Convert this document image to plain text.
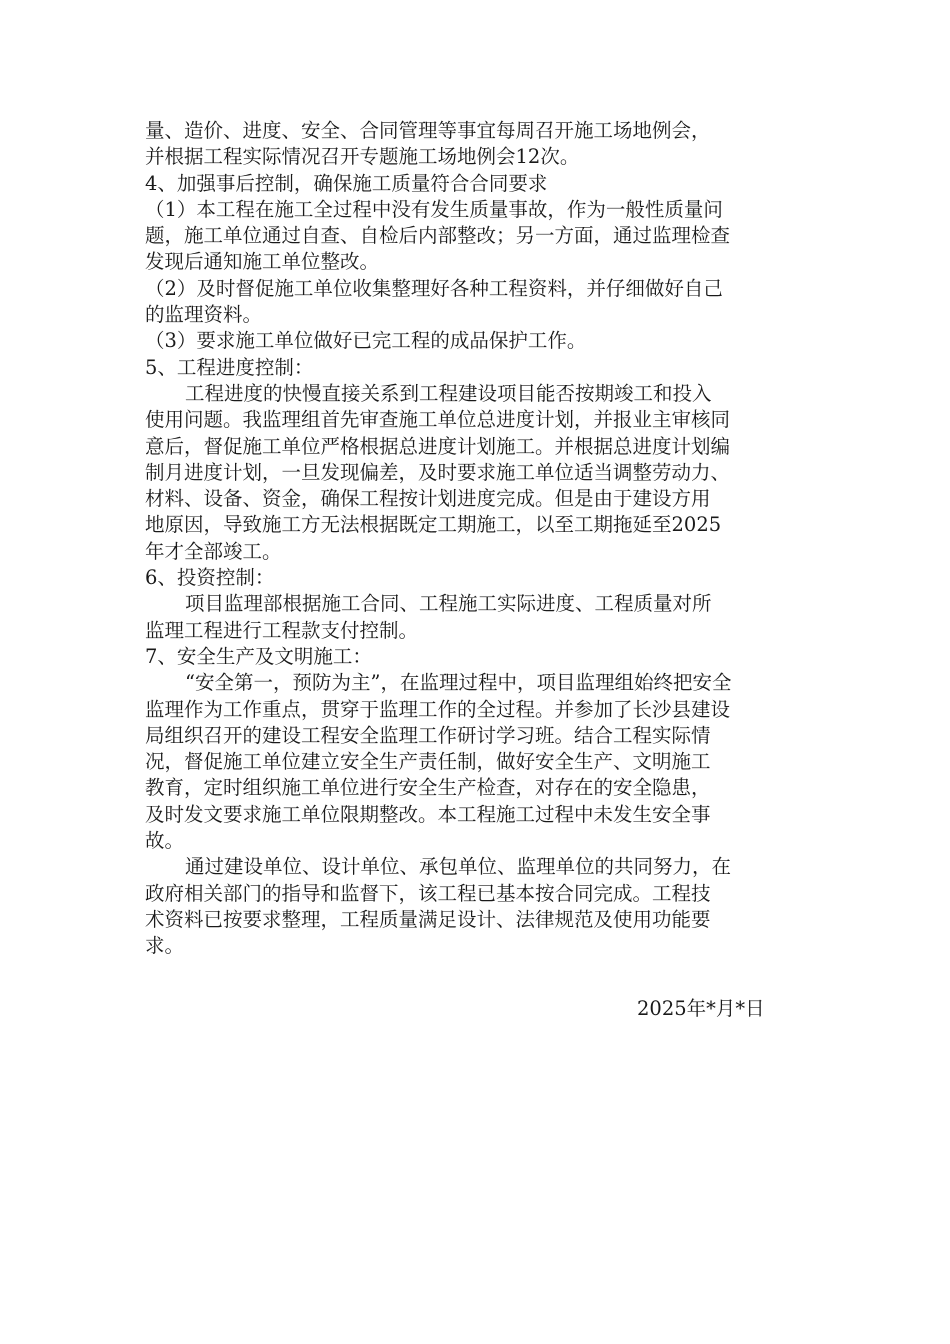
量、造价、进度、安全、合同管理等事宜每周召开施工场地例会，
并根据工程实际情况召开专题施工场地例会12次。
4、加强事后控制，确保施工质量符合合同要求
（1）本工程在施工全过程中没有发生质量事故，作为一般性质量问
题，施工单位通过自查、自检后内部整改；另一方面，通过监理检查
发现后通知施工单位整改。
（2）及时督促施工单位收集整理好各种工程资料，并仔细做好自己
的监理资料。
（3）要求施工单位做好已完工程的成品保护工作。
5、工程进度控制：
工程进度的快慢直接关系到工程建设项目能否按期竣工和投入
使用问题。我监理组首先审查施工单位总进度计划，并报业主审核同
意后，督促施工单位严格根据总进度计划施工。并根据总进度计划编
制月进度计划，一旦发现偏差，及时要求施工单位适当调整劳动力、
材料、设备、资金，确保工程按计划进度完成。但是由于建设方用
地原因，导致施工方无法根据既定工期施工，以至工期拖延至2025
年才全部竣工。
6、投资控制：
项目监理部根据施工合同、工程施工实际进度、工程质量对所
监理工程进行工程款支付控制。
7、安全生产及文明施工：
“安全第一，预防为主”，在监理过程中，项目监理组始终把安全
监理作为工作重点，贯穿于监理工作的全过程。并参加了长沙县建设
局组织召开的建设工程安全监理工作研讨学习班。结合工程实际情
况，督促施工单位建立安全生产责任制，做好安全生产、文明施工
教育，定时组织施工单位进行安全生产检查，对存在的安全隐患，
及时发文要求施工单位限期整改。本工程施工过程中未发生安全事
故。
通过建设单位、设计单位、承包单位、监理单位的共同努力，在
政府相关部门的指导和监督下，该工程已基本按合同完成。工程技
术资料已按要求整理，工程质量满足设计、法律规范及使用功能要
求。
2025年*月*日
